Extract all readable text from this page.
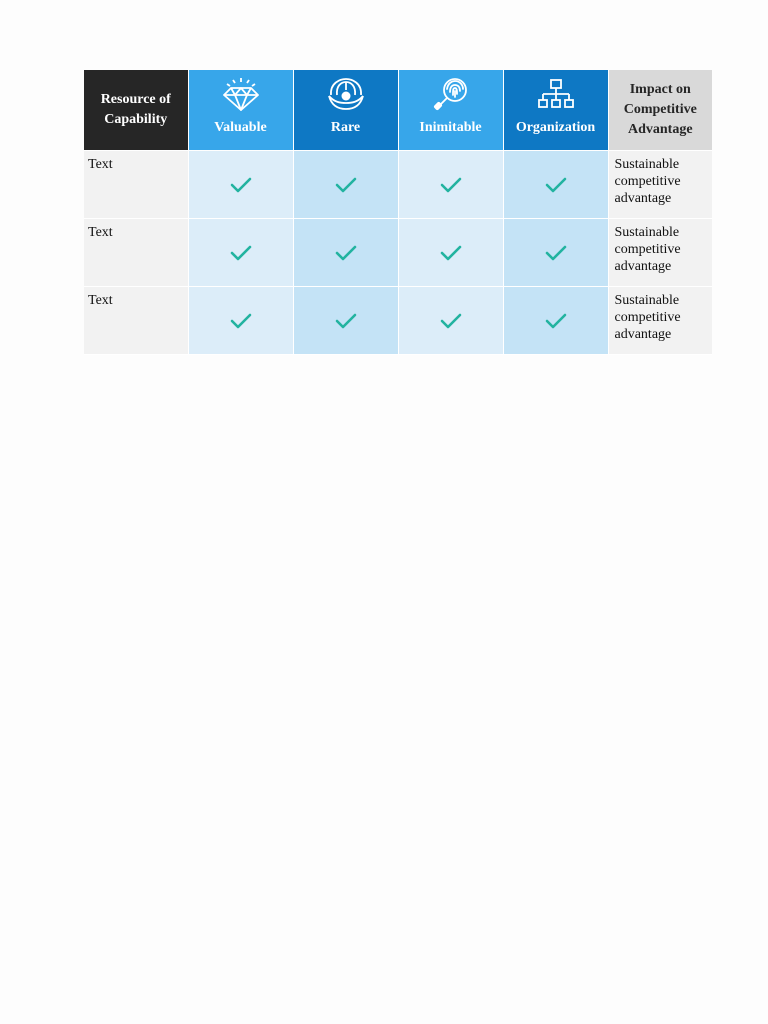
Resource of Capability	Valuable	Rare	Inimitable	Organization	Impact on Competitive Advantage
Text					Sustainable competitive advantage
Text					Sustainable competitive advantage
Text					Sustainable competitive advantage
